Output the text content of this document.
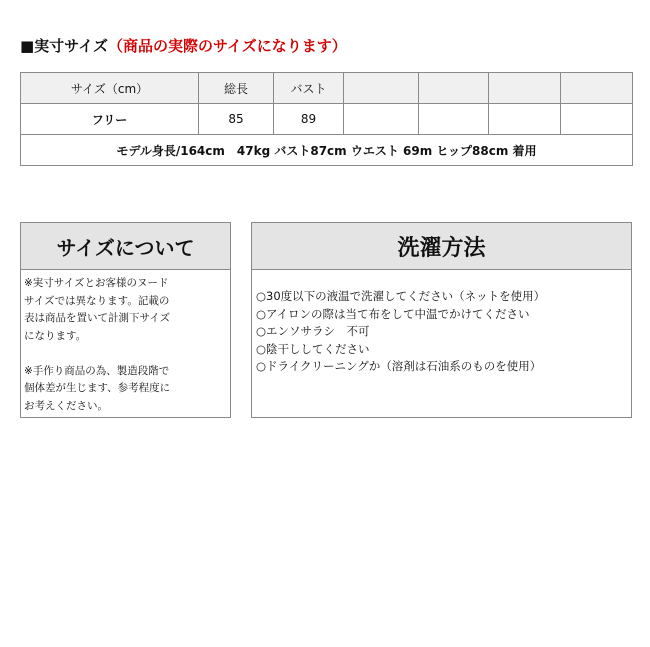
■実寸サイズ（商品の実際のサイズになります）
サイズ（cm）	総長	バスト				
フリー	85	89				
モデル身長/164cm　47kg バスト87cm ウエスト 69m ヒップ88cm 着用						
サイズについて

※実寸サイズとお客様のヌード

サイズでは異なります。記載の

表は商品を置いて計測下サイズ

になります。

※手作り商品の為、製造段階で

個体差が生じます、参考程度に

お考えください。

洗濯方法

○30度以下の液温で洗濯してください（ネットを使用）

○アイロンの際は当て布をして中温でかけてください

○エンソサラシ　不可

○陰干ししてください

○ドライクリーニングか（溶剤は石油系のものを使用）
